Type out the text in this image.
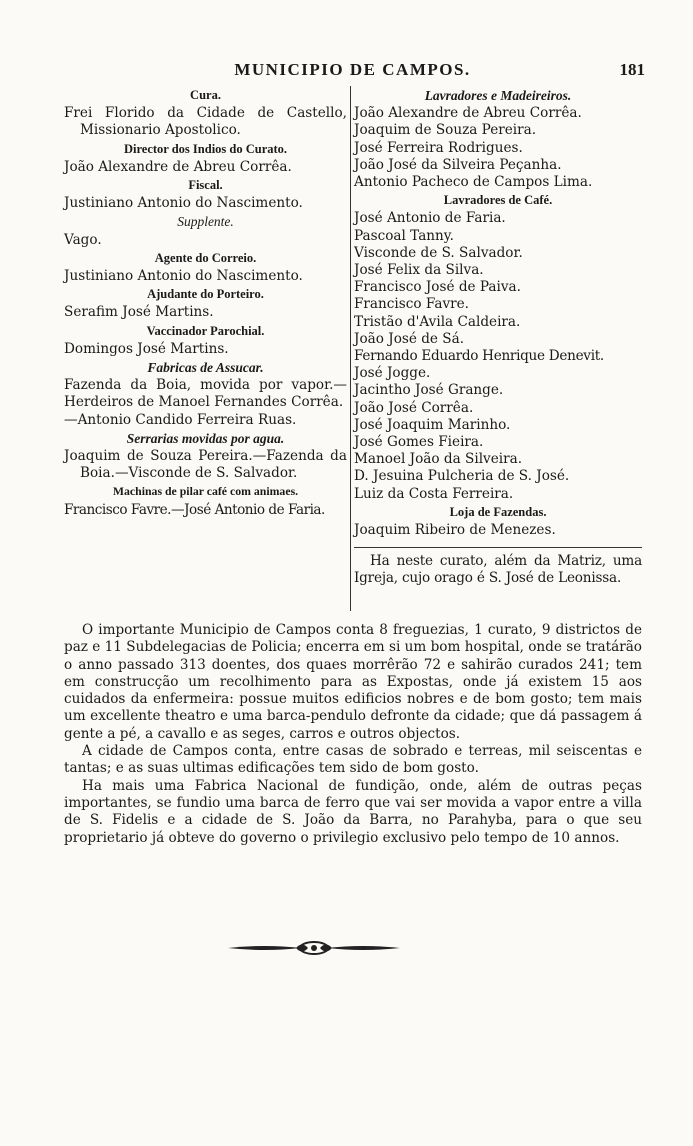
MUNICIPIO DE CAMPOS.	181
Cura.
Frei Florido da Cidade de Castello,
Missionario Apostolico.
Director dos Indios do Curato.
João Alexandre de Abreu Corrêa.
Fiscal.
Justiniano Antonio do Nascimento.
Supplente.
Vago.
Agente do Correio.
Justiniano Antonio do Nascimento.
Ajudante do Porteiro.
Serafim José Martins.
Vaccinador Parochial.
Domingos José Martins.
Fabricas de Assucar.
Fazenda da Boia, movida por vapor.—
Herdeiros de Manoel Fernandes Corrêa.
—Antonio Candido Ferreira Ruas.
Serrarias movidas por agua.
Joaquim de Souza Pereira.—Fazenda da
Boia.—Visconde de S. Salvador.
Machinas de pilar café com animaes.
Francisco Favre.—José Antonio de Faria.
Lavradores e Madeireiros.
João Alexandre de Abreu Corrêa.
Joaquim de Souza Pereira.
José Ferreira Rodrigues.
João José da Silveira Peçanha.
Antonio Pacheco de Campos Lima.
Lavradores de Café.
José Antonio de Faria.
Pascoal Tanny.
Visconde de S. Salvador.
José Felix da Silva.
Francisco José de Paiva.
Francisco Favre.
Tristão d'Avila Caldeira.
João José de Sá.
Fernando Eduardo Henrique Denevit.
José Jogge.
Jacintho José Grange.
João José Corrêa.
José Joaquim Marinho.
José Gomes Fieira.
Manoel João da Silveira.
D. Jesuina Pulcheria de S. José.
Luiz da Costa Ferreira.
Loja de Fazendas.
Joaquim Ribeiro de Menezes.
Ha neste curato, além da Matriz, uma Igreja, cujo orago é S. José de Leonissa.

O importante Municipio de Campos conta 8 freguezias, 1 curato, 9 districtos de paz e 11 Subdelegacias de Policia; encerra em si um bom hospital, onde se tratárão o anno passado 313 doentes, dos quaes morrêrão 72 e sahirão curados 241; tem em construcção um recolhimento para as Expostas, onde já existem 15 aos cuidados da enfermeira: possue muitos edificios nobres e de bom gosto; tem mais um excellente theatro e uma barca-pendulo defronte da cidade; que dá passagem á gente a pé, a cavallo e as seges, carros e outros objectos.

A cidade de Campos conta, entre casas de sobrado e terreas, mil seiscentas e tantas; e as suas ultimas edificações tem sido de bom gosto.

Ha mais uma Fabrica Nacional de fundição, onde, além de outras peças importantes, se fundio uma barca de ferro que vai ser movida a vapor entre a villa de S. Fidelis e a cidade de S. João da Barra, no Parahyba, para o que seu proprietario já obteve do governo o privilegio exclusivo pelo tempo de 10 annos.
